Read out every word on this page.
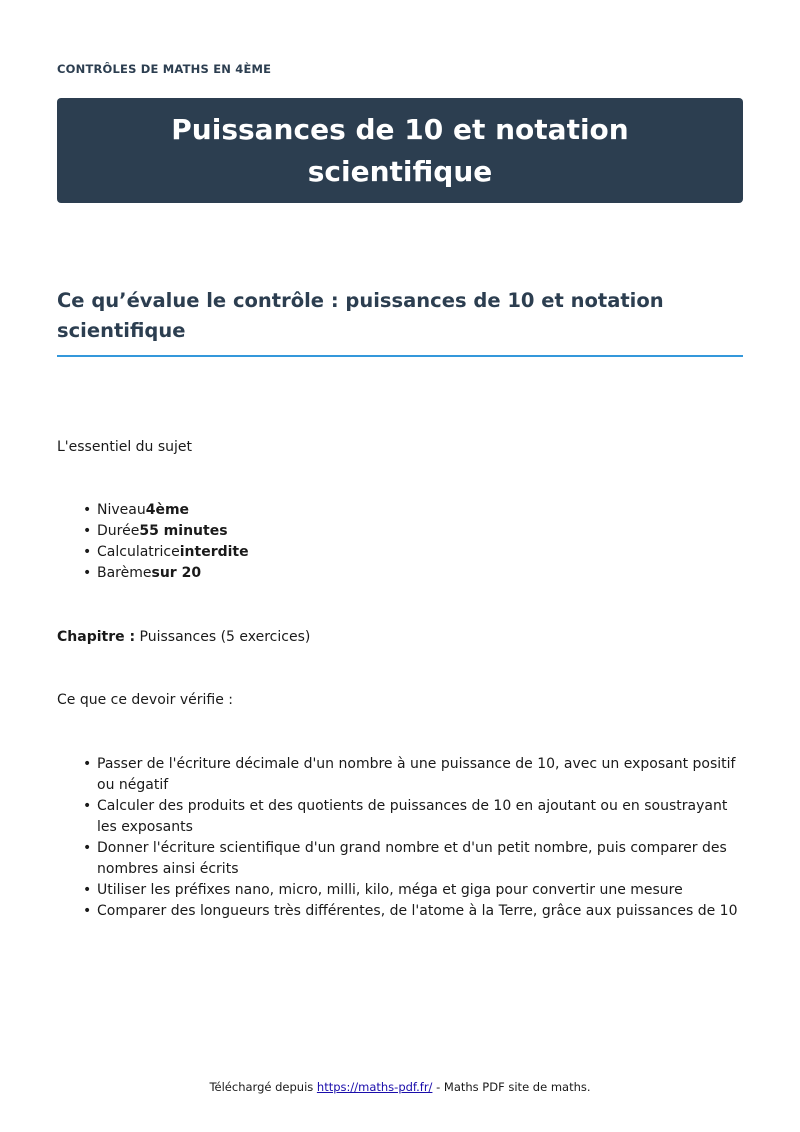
CONTRÔLES DE MATHS EN 4ÈME
Puissances de 10 et notation scientifique
Ce qu’évalue le contrôle : puissances de 10 et notation scientifique

L'essentiel du sujet

• Niveau4ème
• Durée55 minutes
• Calculatriceinterdite
• Barèmesur 20

Chapitre : Puissances (5 exercices)

Ce que ce devoir vérifie :

• Passer de l'écriture décimale d'un nombre à une puissance de 10, avec un exposant positif ou négatif
• Calculer des produits et des quotients de puissances de 10 en ajoutant ou en soustrayant les exposants
• Donner l'écriture scientifique d'un grand nombre et d'un petit nombre, puis comparer des nombres ainsi écrits
• Utiliser les préfixes nano, micro, milli, kilo, méga et giga pour convertir une mesure
• Comparer des longueurs très différentes, de l'atome à la Terre, grâce aux puissances de 10
Téléchargé depuis https://maths-pdf.fr/ - Maths PDF site de maths.
